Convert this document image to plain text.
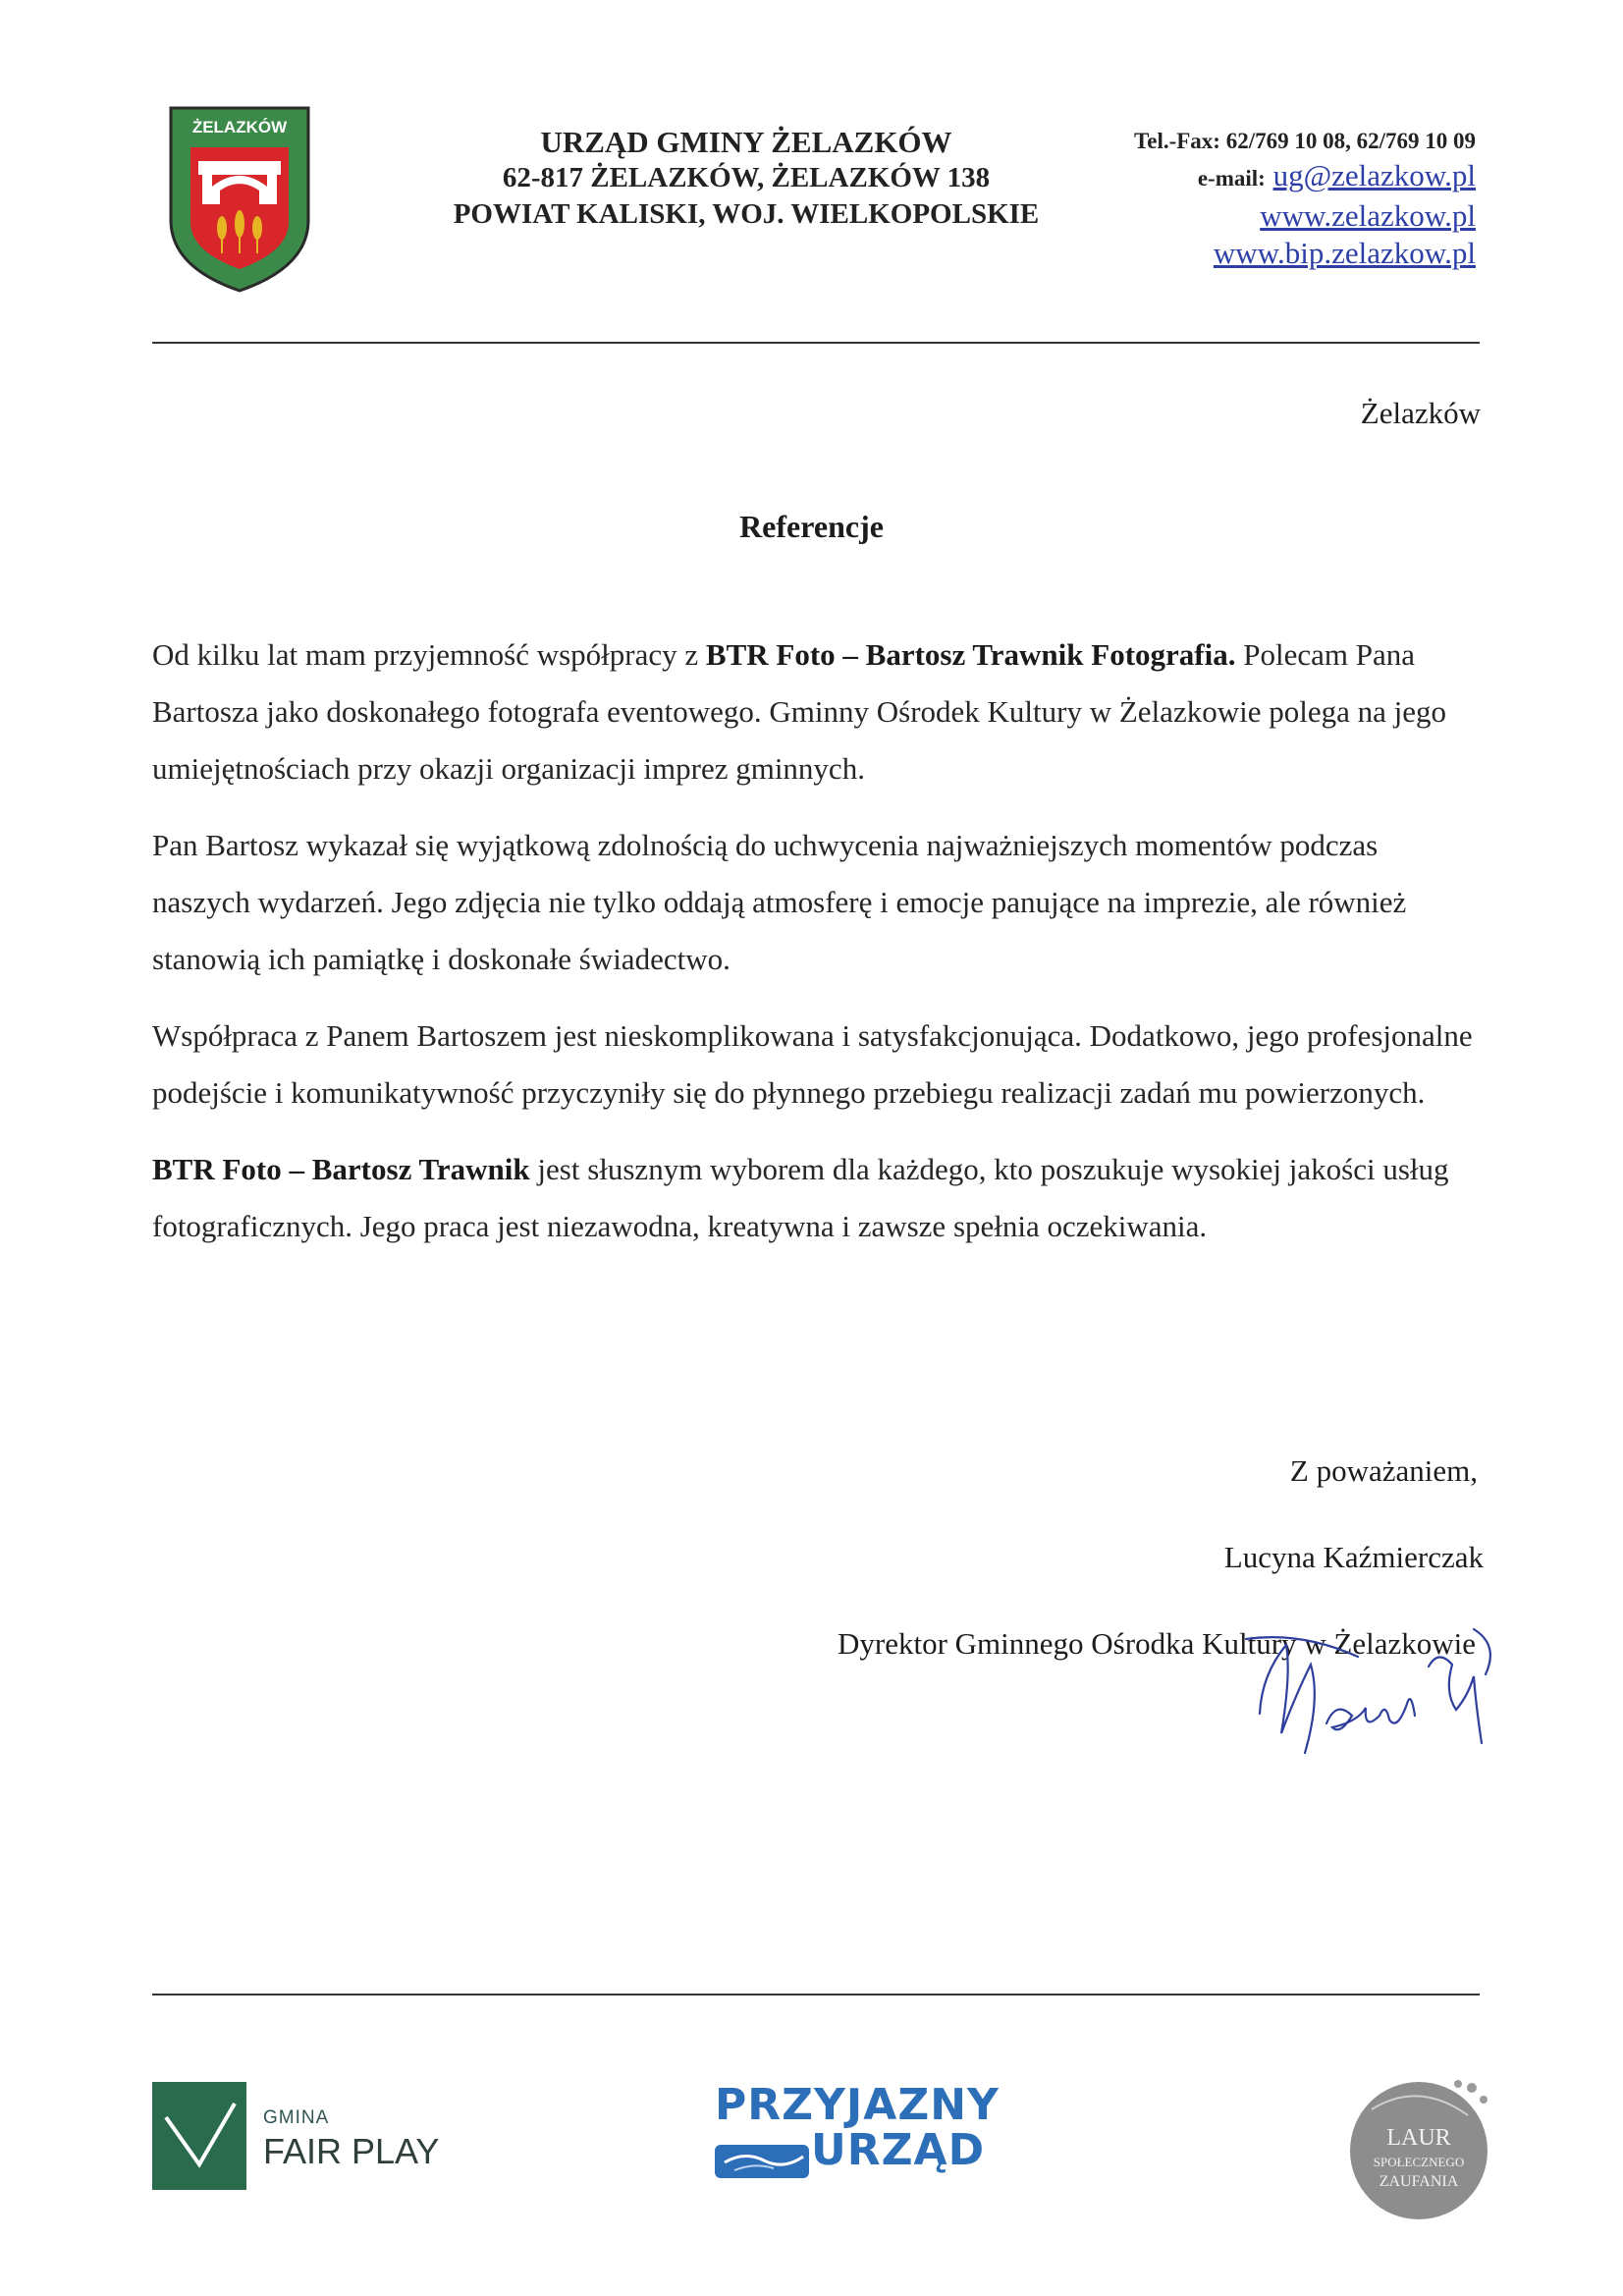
ŻELAZKÓW	URZĄD GMINY ŻELAZKÓW
62-817 ŻELAZKÓW, ŻELAZKÓW 138
POWIAT KALISKI, WOJ. WIELKOPOLSKIE
Tel.-Fax: 62/769 10 08, 62/769 10 09
e-mail: ug@zelazkow.pl
www.zelazkow.pl
www.bip.zelazkow.pl
Żelazków
Referencje

Od kilku lat mam przyjemność współpracy z BTR Foto – Bartosz Trawnik Fotografia. Polecam Pana Bartosza jako doskonałego fotografa eventowego. Gminny Ośrodek Kultury w Żelazkowie polega na jego umiejętnościach przy okazji organizacji imprez gminnych.

Pan Bartosz wykazał się wyjątkową zdolnością do uchwycenia najważniejszych momentów podczas naszych wydarzeń. Jego zdjęcia nie tylko oddają atmosferę i emocje panujące na imprezie, ale również stanowią ich pamiątkę i doskonałe świadectwo.

Współpraca z Panem Bartoszem jest nieskomplikowana i satysfakcjonująca. Dodatkowo, jego profesjonalne podejście i komunikatywność przyczyniły się do płynnego przebiegu realizacji zadań mu powierzonych.

BTR Foto – Bartosz Trawnik jest słusznym wyborem dla każdego, kto poszukuje wysokiej jakości usług fotograficznych. Jego praca jest niezawodna, kreatywna i zawsze spełnia oczekiwania.

Z poważaniem,
Lucyna Kaźmierczak
Dyrektor Gminnego Ośrodka Kultury w Żelazkowie
GMINA
FAIR PLAY
PRZYJAZNY
URZĄD	LAUR
SPOŁECZNEGO
ZAUFANIA
